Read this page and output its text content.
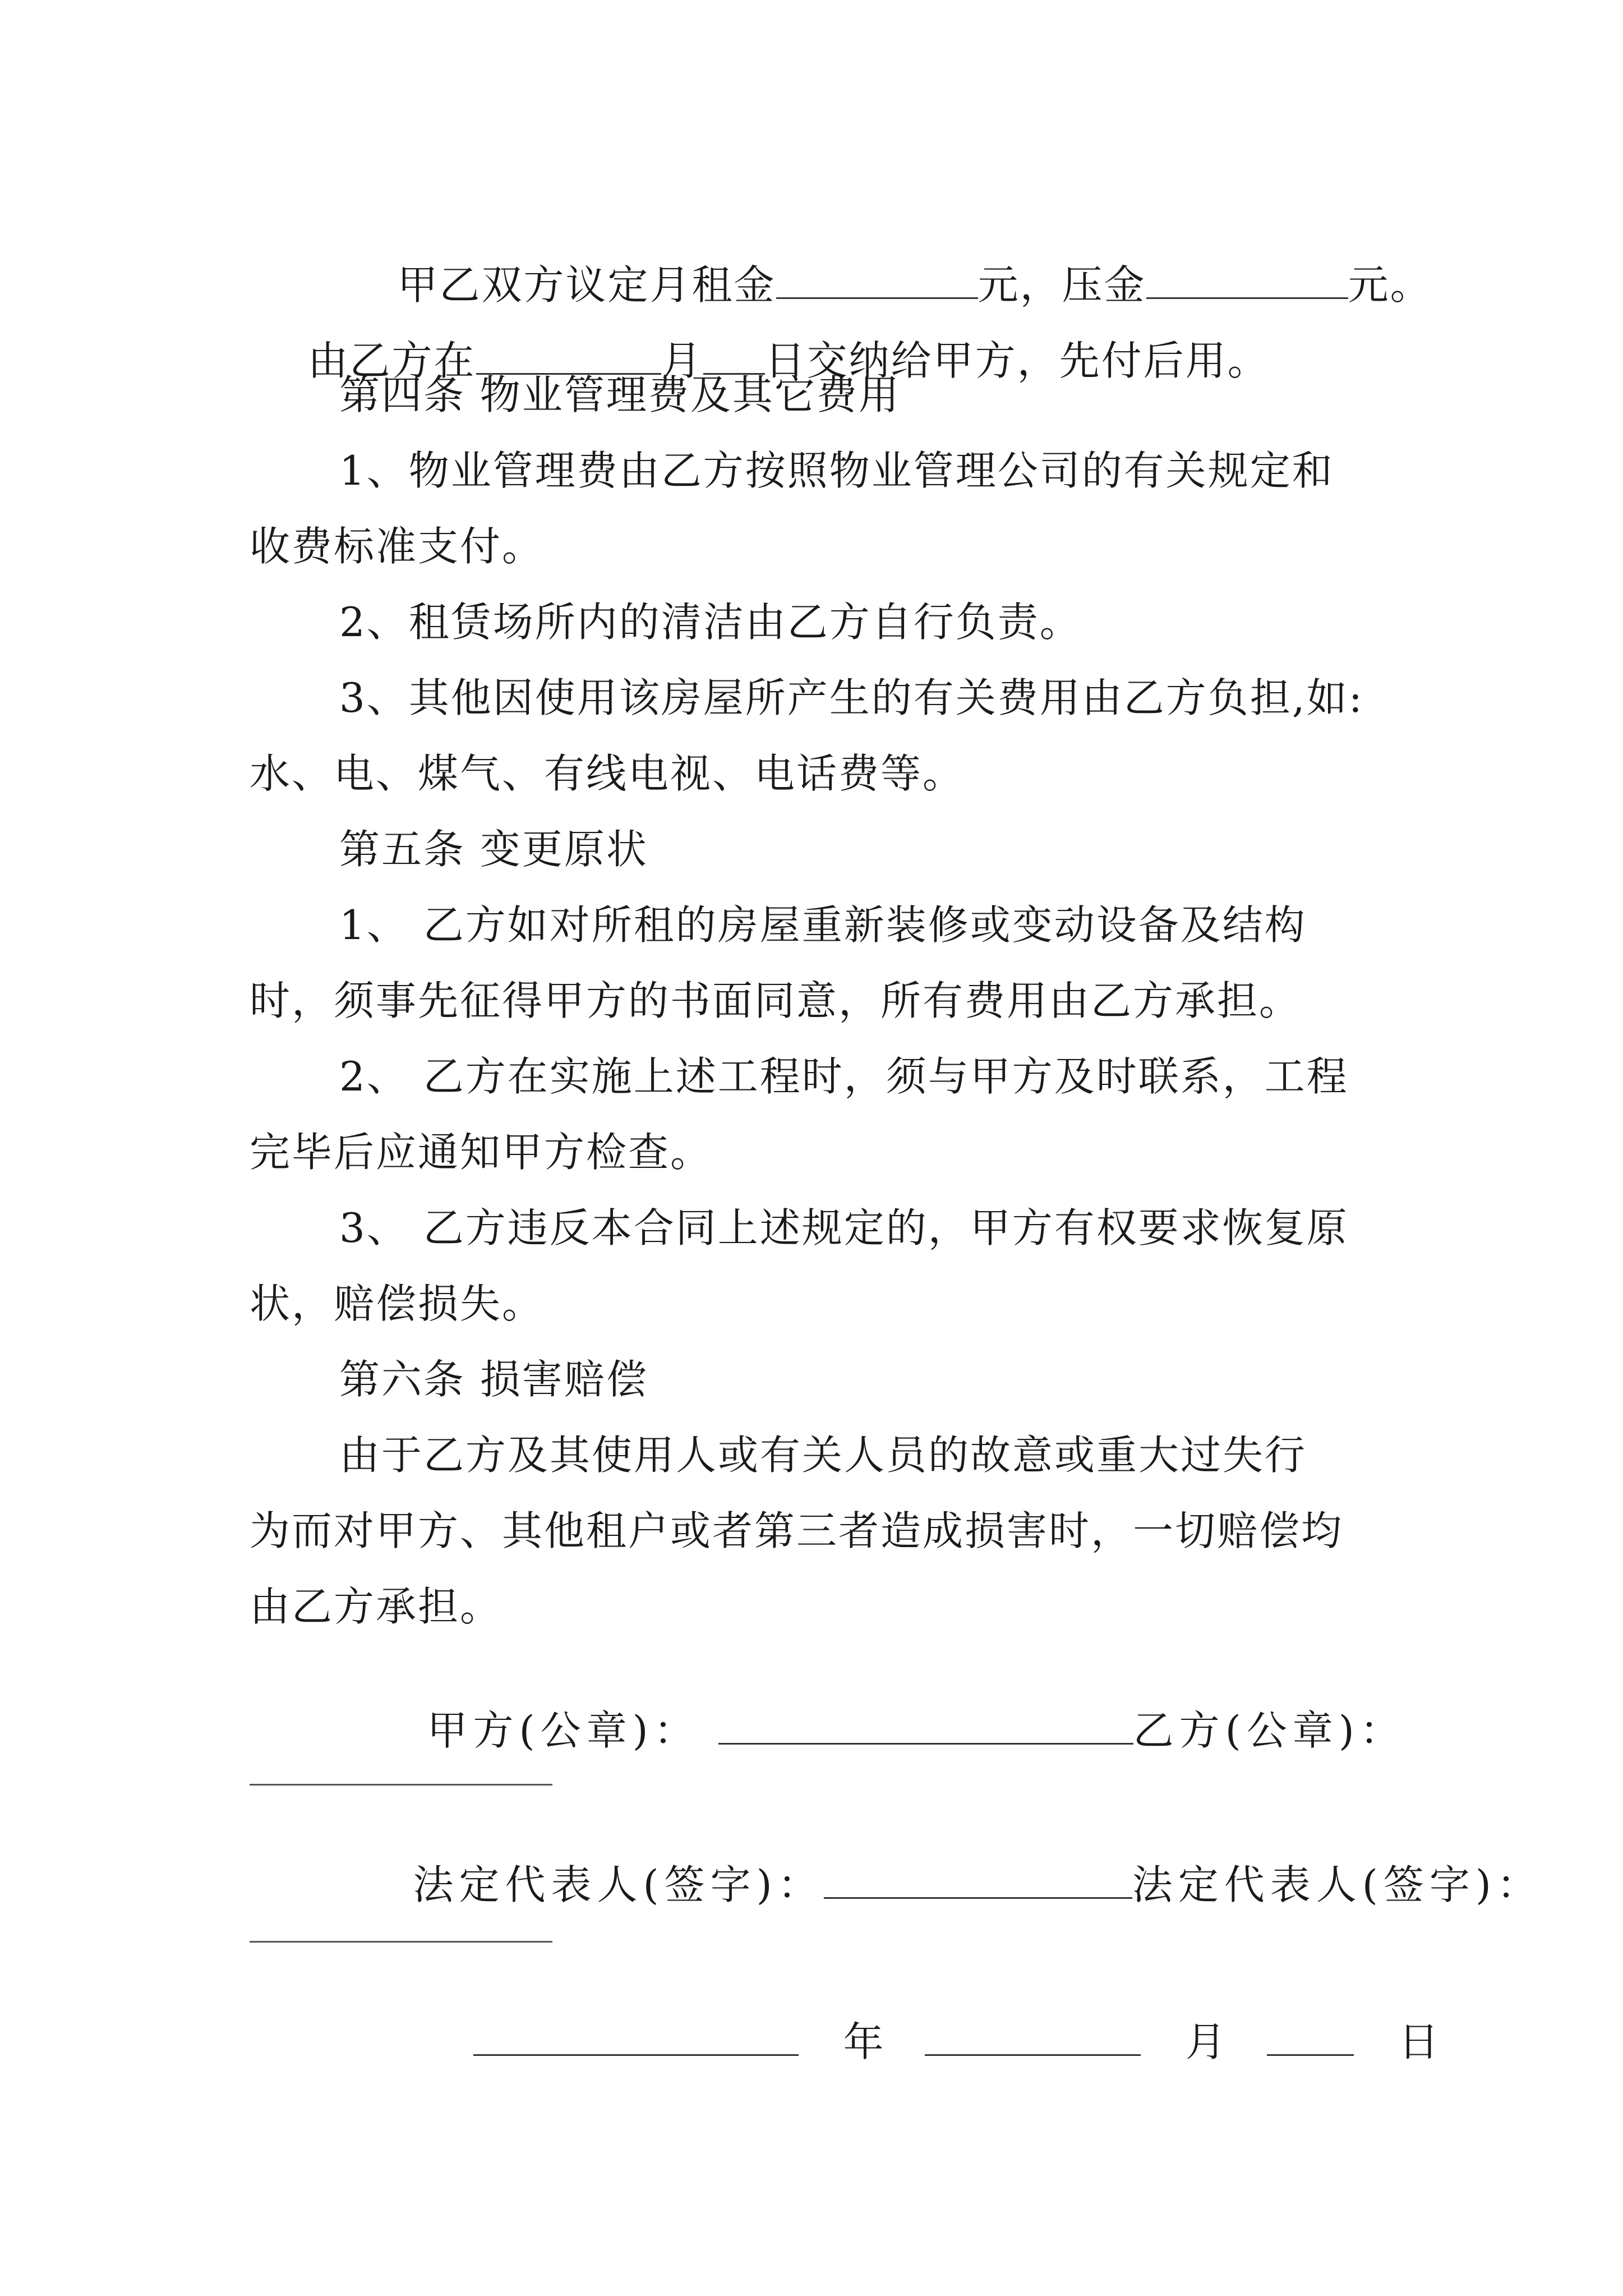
甲乙双方议定月租金	元，压金	元。

由乙方在	月 日交纳给甲方，先付后用。

第四条 物业管理费及其它费用
1、物业管理费由乙方按照物业管理公司的有关规定和
收费标准支付。
2、租赁场所内的清洁由乙方自行负责。
3、其他因使用该房屋所产生的有关费用由乙方负担,如:
水、电、煤气、有线电视、电话费等。
第五条 变更原状
1、 乙方如对所租的房屋重新装修或变动设备及结构
时，须事先征得甲方的书面同意，所有费用由乙方承担。
2、 乙方在实施上述工程时，须与甲方及时联系，工程
完毕后应通知甲方检查。
3、 乙方违反本合同上述规定的，甲方有权要求恢复原
状，赔偿损失。
第六条 损害赔偿
由于乙方及其使用人或有关人员的故意或重大过失行
为而对甲方、其他租户或者第三者造成损害时，一切赔偿均
由乙方承担。

甲方(公章)：	乙方(公章)：

法定代表人(签字)：	法定代表人(签字)：

年	月	日
